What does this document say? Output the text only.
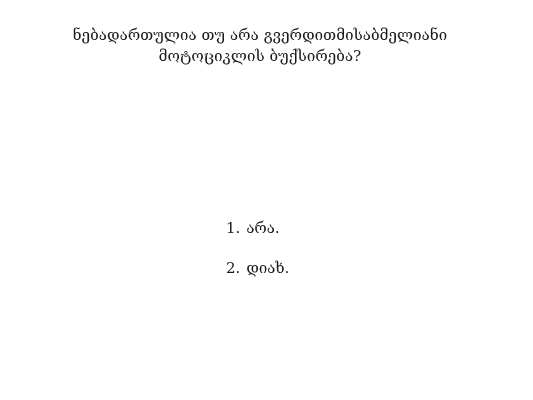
ნებადართულია თუ არა გვერდითმისაბმელიანი
მოტოციკლის ბუქსირება?
1. არა.
2. დიახ.
